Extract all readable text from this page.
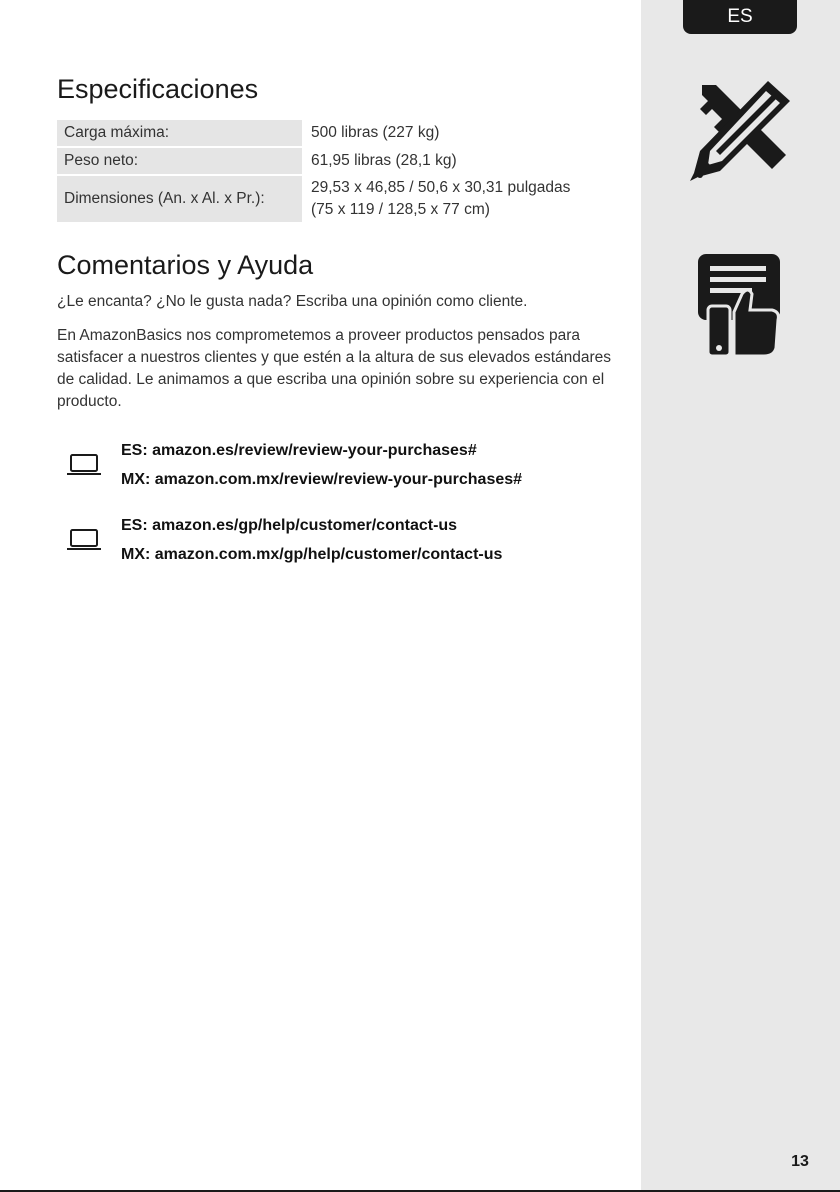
ES
Especificaciones
Carga máxima:	500 libras (227 kg)
Peso neto:	61,95 libras (28,1 kg)
Dimensiones (An. x Al. x Pr.):	29,53 x 46,85 / 50,6 x 30,31 pulgadas
(75 x 119 / 128,5 x 77 cm)
Comentarios y Ayuda

¿Le encanta? ¿No le gusta nada? Escriba una opinión como cliente.

En AmazonBasics nos comprometemos a proveer productos pensados para satisfacer a nuestros clientes y que estén a la altura de sus elevados estándares de calidad. Le animamos a que escriba una opinión sobre su experiencia con el producto.

ES: amazon.es/review/review-your-purchases#
MX: amazon.com.mx/review/review-your-purchases#
ES: amazon.es/gp/help/customer/contact-us
MX: amazon.com.mx/gp/help/customer/contact-us
13
